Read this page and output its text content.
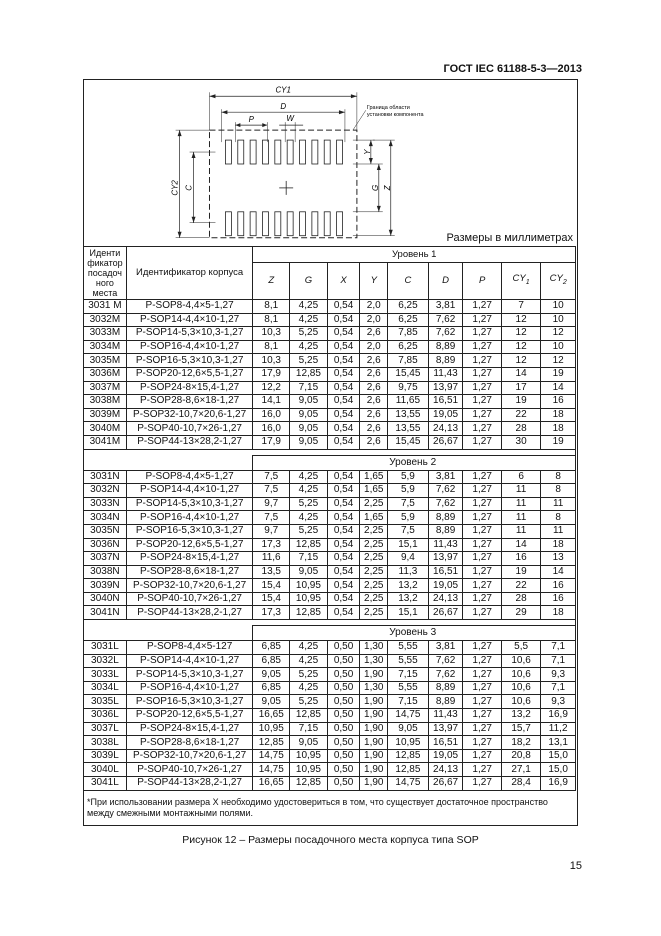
ГОСТ IEC 61188-5-3—2013
CY1
D
P	W
CY2 C
Y
G Z
Граница области
установки компонента
Размеры в миллиметрах
Иденти
фикатор
посадоч
ного
места	Идентификатор корпуса	Уровень 1								
		Z	G	X	Y	C	D	P	$CY_1$	$CY_2$
3031 M	P-SOP8-4,4×5-1,27	8,1	4,25	0,54	2,0	6,25	3,81	1,27	7	10
3032M	P-SOP14-4,4×10-1,27	8,1	4,25	0,54	2,0	6,25	7,62	1,27	12	10
3033M	P-SOP14-5,3×10,3-1,27	10,3	5,25	0,54	2,6	7,85	7,62	1,27	12	12
3034M	P-SOP16-4,4×10-1,27	8,1	4,25	0,54	2,0	6,25	8,89	1,27	12	10
3035M	P-SOP16-5,3×10,3-1,27	10,3	5,25	0,54	2,6	7,85	8,89	1,27	12	12
3036M	P-SOP20-12,6×5,5-1,27	17,9	12,85	0,54	2,6	15,45	11,43	1,27	14	19
3037M	P-SOP24-8×15,4-1,27	12,2	7,15	0,54	2,6	9,75	13,97	1,27	17	14
3038M	P-SOP28-8,6×18-1,27	14,1	9,05	0,54	2,6	11,65	16,51	1,27	19	16
3039M	P-SOP32-10,7×20,6-1,27	16,0	9,05	0,54	2,6	13,55	19,05	1,27	22	18
3040M	P-SOP40-10,7×26-1,27	16,0	9,05	0,54	2,6	13,55	24,13	1,27	28	18
3041M	P-SOP44-13×28,2-1,27	17,9	9,05	0,54	2,6	15,45	26,67	1,27	30	19

		Уровень 2								
3031N	P-SOP8-4,4×5-1,27	7,5	4,25	0,54	1,65	5,9	3,81	1,27	6	8
3032N	P-SOP14-4,4×10-1,27	7,5	4,25	0,54	1,65	5,9	7,62	1,27	11	8
3033N	P-SOP14-5,3×10,3-1,27	9,7	5,25	0,54	2,25	7,5	7,62	1,27	11	11
3034N	P-SOP16-4,4×10-1,27	7,5	4,25	0,54	1,65	5,9	8,89	1,27	11	8
3035N	P-SOP16-5,3×10,3-1,27	9,7	5,25	0,54	2,25	7,5	8,89	1,27	11	11
3036N	P-SOP20-12,6×5,5-1,27	17,3	12,85	0,54	2,25	15,1	11,43	1,27	14	18
3037N	P-SOP24-8×15,4-1,27	11,6	7,15	0,54	2,25	9,4	13,97	1,27	16	13
3038N	P-SOP28-8,6×18-1,27	13,5	9,05	0,54	2,25	11,3	16,51	1,27	19	14
3039N	P-SOP32-10,7×20,6-1,27	15,4	10,95	0,54	2,25	13,2	19,05	1,27	22	16
3040N	P-SOP40-10,7×26-1,27	15,4	10,95	0,54	2,25	13,2	24,13	1,27	28	16
3041N	P-SOP44-13×28,2-1,27	17,3	12,85	0,54	2,25	15,1	26,67	1,27	29	18

		Уровень 3								
3031L	P-SOP8-4,4×5-127	6,85	4,25	0,50	1,30	5,55	3,81	1,27	5,5	7,1
3032L	P-SOP14-4,4×10-1,27	6,85	4,25	0,50	1,30	5,55	7,62	1,27	10,6	7,1
3033L	P-SOP14-5,3×10,3-1,27	9,05	5,25	0,50	1,90	7,15	7,62	1,27	10,6	9,3
3034L	P-SOP16-4,4×10-1,27	6,85	4,25	0,50	1,30	5,55	8,89	1,27	10,6	7,1
3035L	P-SOP16-5,3×10,3-1,27	9,05	5,25	0,50	1,90	7,15	8,89	1,27	10,6	9,3
3036L	P-SOP20-12,6×5,5-1,27	16,65	12,85	0,50	1,90	14,75	11,43	1,27	13,2	16,9
3037L	P-SOP24-8×15,4-1,27	10,95	7,15	0,50	1,90	9,05	13,97	1,27	15,7	11,2
3038L	P-SOP28-8,6×18-1,27	12,85	9,05	0,50	1,90	10,95	16,51	1,27	18,2	13,1
3039L	P-SOP32-10,7×20,6-1,27	14,75	10,95	0,50	1,90	12,85	19,05	1,27	20,8	15,0
3040L	P-SOP40-10,7×26-1,27	14,75	10,95	0,50	1,90	12,85	24,13	1,27	27,1	15,0
3041L	P-SOP44-13×28,2-1,27	16,65	12,85	0,50	1,90	14,75	26,67	1,27	28,4	16,9
*При использовании размера X необходимо удостовериться в том, что существует достаточное пространство между смежными монтажными полями.
Рисунок 12 – Размеры посадочного места корпуса типа SOP
15
